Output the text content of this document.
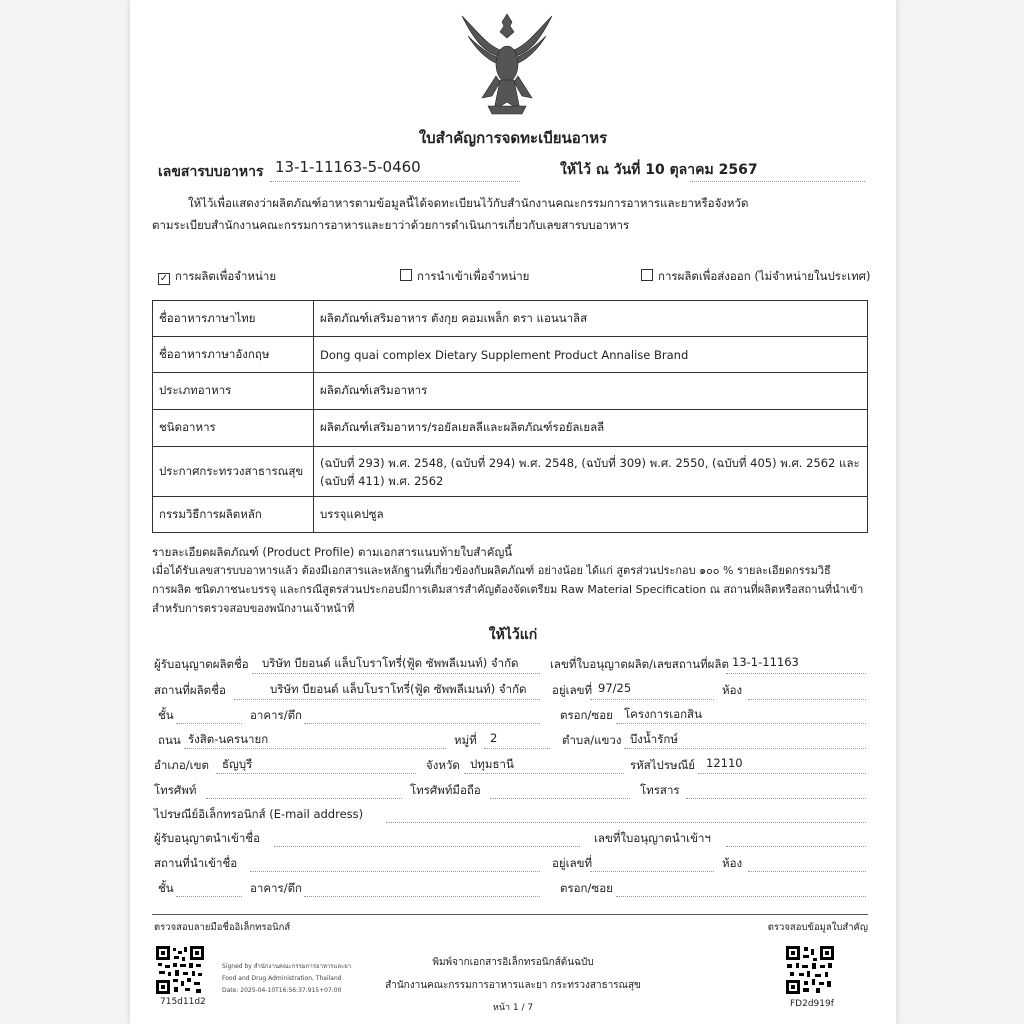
ใบสำคัญการจดทะเบียนอาหร
เลขสารบบอาหาร 13-1-11163-5-0460	ให้ไว้ ณ วันที่ 10 ตุลาคม 2567
ให้ไว้เพื่อแสดงว่าผลิตภัณฑ์อาหารตามข้อมูลนี้ได้จดทะเบียนไว้กับสำนักงานคณะกรรมการอาหารและยาหรือจังหวัด
ตามระเบียบสำนักงานคณะกรรมการอาหารและยาว่าด้วยการดำเนินการเกี่ยวกับเลขสารบบอาหาร
✓ การผลิตเพื่อจำหน่าย	การนำเข้าเพื่อจำหน่าย	การผลิตเพื่อส่งออก (ไม่จำหน่ายในประเทศ)
ชื่ออาหารภาษาไทย	ผลิตภัณฑ์เสริมอาหาร ตังกุย คอมเพล็ก ตรา แอนนาลิส
ชื่ออาหารภาษาอังกฤษ	Dong quai complex Dietary Supplement Product Annalise Brand
ประเภทอาหาร	ผลิตภัณฑ์เสริมอาหาร
ชนิดอาหาร	ผลิตภัณฑ์เสริมอาหาร/รอยัลเยลลีและผลิตภัณฑ์รอยัลเยลลี
ประกาศกระทรวงสาธารณสุข	(ฉบับที่ 293) พ.ศ. 2548, (ฉบับที่ 294) พ.ศ. 2548, (ฉบับที่ 309) พ.ศ. 2550, (ฉบับที่ 405) พ.ศ. 2562 และ (ฉบับที่ 411) พ.ศ. 2562
กรรมวิธีการผลิตหลัก	บรรจุแคปซูล
รายละเอียดผลิตภัณฑ์ (Product Profile) ตามเอกสารแนบท้ายใบสำคัญนี้
เมื่อได้รับเลขสารบบอาหารแล้ว ต้องมีเอกสารและหลักฐานที่เกี่ยวข้องกับผลิตภัณฑ์ อย่างน้อย ได้แก่ สูตรส่วนประกอบ ๑๐๐ % รายละเอียดกรรมวิธี
การผลิต ชนิดภาชนะบรรจุ และกรณีสูตรส่วนประกอบมีการเติมสารสำคัญต้องจัดเตรียม Raw Material Specification ณ สถานที่ผลิตหรือสถานที่นำเข้า
สำหรับการตรวจสอบของพนักงานเจ้าหน้าที่
ให้ไว้แก่
ผู้รับอนุญาตผลิตชื่อ บริษัท บียอนด์ แล็บโบราโทรี่(ฟู้ด ซัพพลีเมนท์) จำกัด	เลขที่ใบอนุญาตผลิต/เลขสถานที่ผลิต 13-1-11163
สถานที่ผลิตชื่อ	บริษัท บียอนด์ แล็บโบราโทรี่(ฟู้ด ซัพพลีเมนท์) จำกัด อยู่เลขที่ 97/25	ห้อง
ชั้น	อาคาร/ตึก	ตรอก/ซอย โครงการเอกสิน
ถนน รังสิต-นครนายก	หมู่ที่ 2	ตำบล/แขวง บึงน้ำรักษ์
อำเภอ/เขต ธัญบุรี	จังหวัด ปทุมธานี	รหัสไปรษณีย์ 12110
โทรศัพท์	โทรศัพท์มือถือ	โทรสาร
ไปรษณีย์อิเล็กทรอนิกส์ (E-mail address)
ผู้รับอนุญาตนำเข้าชื่อ	เลขที่ใบอนุญาตนำเข้าฯ
สถานที่นำเข้าชื่อ	อยู่เลขที่	ห้อง
ชั้น	อาคาร/ตึก	ตรอก/ซอย
ตรวจสอบลายมือชื่ออิเล็กทรอนิกส์	ตรวจสอบข้อมูลใบสำคัญ
715d11d2
Signed by สำนักงานคณะกรรมการอาหารและยา
Food and Drug Administration, Thailand
Date: 2025-04-10T16:56:37.915+07:00
พิมพ์จากเอกสารอิเล็กทรอนิกส์ต้นฉบับ
สำนักงานคณะกรรมการอาหารและยา กระทรวงสาธารณสุข
หน้า 1 / 7	FD2d919f
